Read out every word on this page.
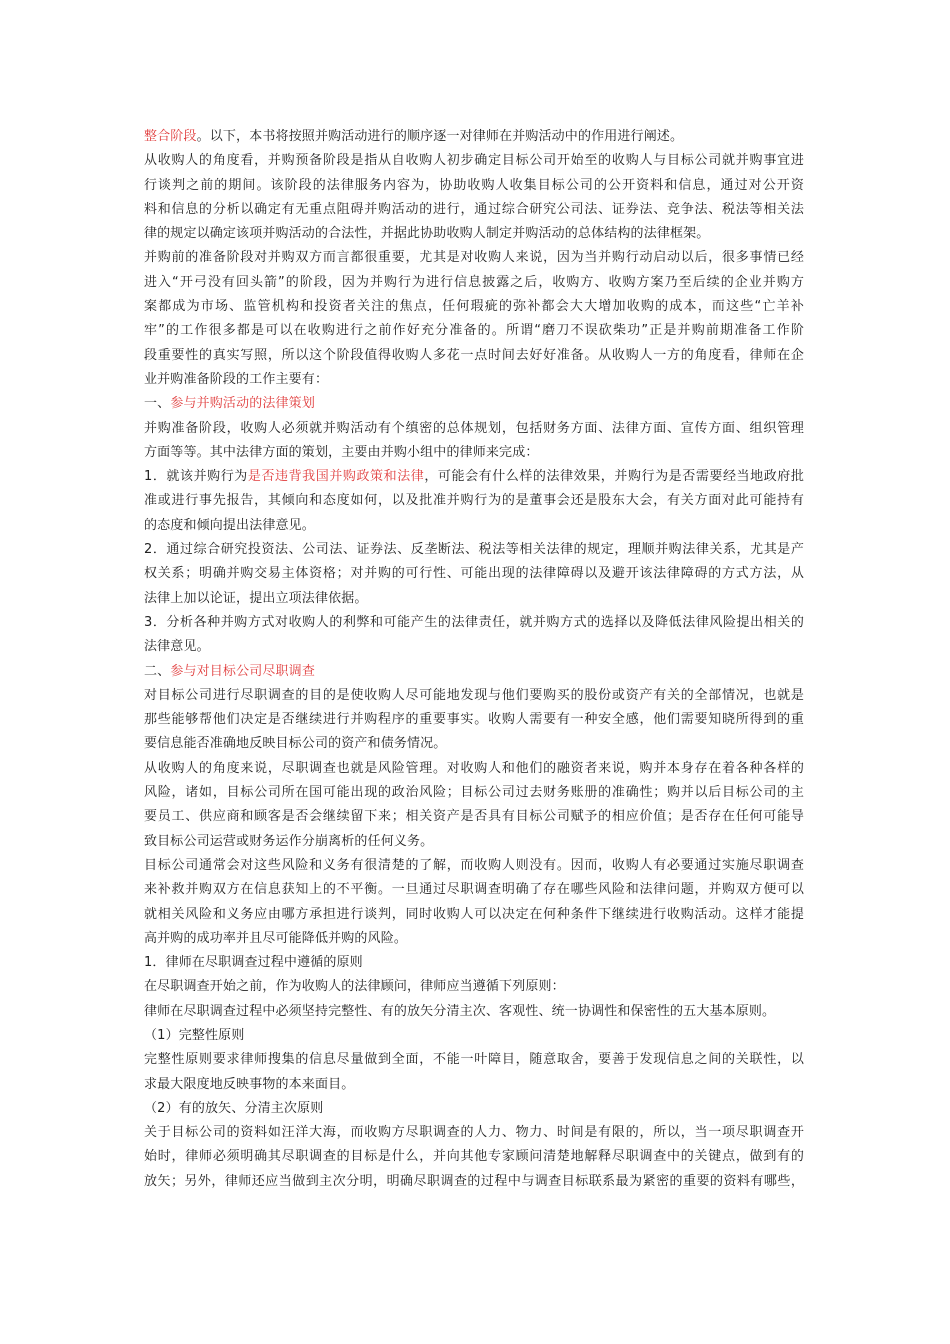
整合阶段。以下，本书将按照并购活动进行的顺序逐一对律师在并购活动中的作用进行阐述。
从收购人的角度看，并购预备阶段是指从自收购人初步确定目标公司开始至的收购人与目标公司就并购事宜进
行谈判之前的期间。该阶段的法律服务内容为，协助收购人收集目标公司的公开资料和信息，通过对公开资
料和信息的分析以确定有无重点阻碍并购活动的进行，通过综合研究公司法、证券法、竞争法、税法等相关法
律的规定以确定该项并购活动的合法性，并据此协助收购人制定并购活动的总体结构的法律框架。
并购前的准备阶段对并购双方而言都很重要，尤其是对收购人来说，因为当并购行动启动以后，很多事情已经
进入“开弓没有回头箭”的阶段，因为并购行为进行信息披露之后，收购方、收购方案乃至后续的企业并购方
案都成为市场、监管机构和投资者关注的焦点，任何瑕疵的弥补都会大大增加收购的成本，而这些“亡羊补
牢”的工作很多都是可以在收购进行之前作好充分准备的。所谓“磨刀不误砍柴功”正是并购前期准备工作阶
段重要性的真实写照，所以这个阶段值得收购人多花一点时间去好好准备。从收购人一方的角度看，律师在企
业并购准备阶段的工作主要有：
一、参与并购活动的法律策划
并购准备阶段，收购人必须就并购活动有个缜密的总体规划，包括财务方面、法律方面、宣传方面、组织管理
方面等等。其中法律方面的策划，主要由并购小组中的律师来完成：
1．就该并购行为是否违背我国并购政策和法律，可能会有什么样的法律效果，并购行为是否需要经当地政府批
准或进行事先报告，其倾向和态度如何，以及批准并购行为的是董事会还是股东大会，有关方面对此可能持有
的态度和倾向提出法律意见。
2．通过综合研究投资法、公司法、证券法、反垄断法、税法等相关法律的规定，理顺并购法律关系，尤其是产
权关系；明确并购交易主体资格；对并购的可行性、可能出现的法律障碍以及避开该法律障碍的方式方法，从
法律上加以论证，提出立项法律依据。
3．分析各种并购方式对收购人的利弊和可能产生的法律责任，就并购方式的选择以及降低法律风险提出相关的
法律意见。
二、参与对目标公司尽职调查
对目标公司进行尽职调查的目的是使收购人尽可能地发现与他们要购买的股份或资产有关的全部情况，也就是
那些能够帮他们决定是否继续进行并购程序的重要事实。收购人需要有一种安全感，他们需要知晓所得到的重
要信息能否准确地反映目标公司的资产和债务情况。
从收购人的角度来说，尽职调查也就是风险管理。对收购人和他们的融资者来说，购并本身存在着各种各样的
风险，诸如，目标公司所在国可能出现的政治风险；目标公司过去财务账册的准确性；购并以后目标公司的主
要员工、供应商和顾客是否会继续留下来；相关资产是否具有目标公司赋予的相应价值；是否存在任何可能导
致目标公司运营或财务运作分崩离析的任何义务。
目标公司通常会对这些风险和义务有很清楚的了解，而收购人则没有。因而，收购人有必要通过实施尽职调查
来补救并购双方在信息获知上的不平衡。一旦通过尽职调查明确了存在哪些风险和法律问题，并购双方便可以
就相关风险和义务应由哪方承担进行谈判，同时收购人可以决定在何种条件下继续进行收购活动。这样才能提
高并购的成功率并且尽可能降低并购的风险。
1．律师在尽职调查过程中遵循的原则
在尽职调查开始之前，作为收购人的法律顾问，律师应当遵循下列原则：
律师在尽职调查过程中必须坚持完整性、有的放矢分清主次、客观性、统一协调性和保密性的五大基本原则。
（1）完整性原则
完整性原则要求律师搜集的信息尽量做到全面，不能一叶障目，随意取舍，要善于发现信息之间的关联性，以
求最大限度地反映事物的本来面目。
（2）有的放矢、分清主次原则
关于目标公司的资料如汪洋大海，而收购方尽职调查的人力、物力、时间是有限的，所以，当一项尽职调查开
始时，律师必须明确其尽职调查的目标是什么，并向其他专家顾问清楚地解释尽职调查中的关键点，做到有的
放矢；另外，律师还应当做到主次分明，明确尽职调查的过程中与调查目标联系最为紧密的重要的资料有哪些，
